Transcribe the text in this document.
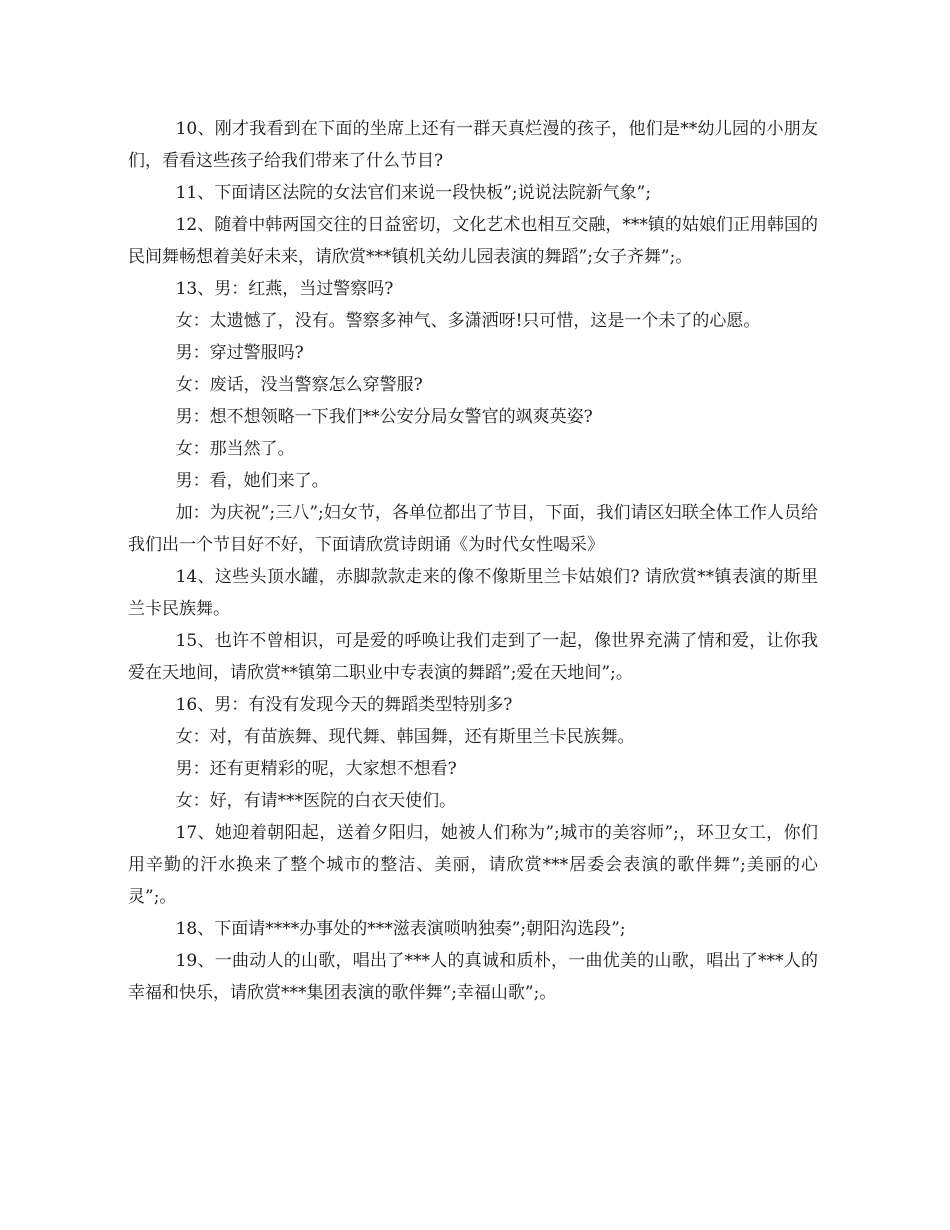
10、刚才我看到在下面的坐席上还有一群天真烂漫的孩子，他们是**幼儿园的小朋友们，看看这些孩子给我们带来了什么节目?

11、下面请区法院的女法官们来说一段快板”;说说法院新气象”;

12、随着中韩两国交往的日益密切，文化艺术也相互交融，***镇的姑娘们正用韩国的民间舞畅想着美好未来，请欣赏***镇机关幼儿园表演的舞蹈”;女子齐舞”;。

13、男：红燕，当过警察吗?

女：太遗憾了，没有。警察多神气、多潇洒呀!只可惜，这是一个未了的心愿。

男：穿过警服吗?

女：废话，没当警察怎么穿警服?

男：想不想领略一下我们**公安分局女警官的飒爽英姿?

女：那当然了。

男：看，她们来了。

加：为庆祝”;三八”;妇女节，各单位都出了节目，下面，我们请区妇联全体工作人员给我们出一个节目好不好，下面请欣赏诗朗诵《为时代女性喝采》

14、这些头顶水罐，赤脚款款走来的像不像斯里兰卡姑娘们? 请欣赏**镇表演的斯里兰卡民族舞。

15、也许不曾相识，可是爱的呼唤让我们走到了一起，像世界充满了情和爱，让你我爱在天地间，请欣赏**镇第二职业中专表演的舞蹈”;爱在天地间”;。

16、男：有没有发现今天的舞蹈类型特别多?

女：对，有苗族舞、现代舞、韩国舞，还有斯里兰卡民族舞。

男：还有更精彩的呢，大家想不想看?

女：好，有请***医院的白衣天使们。

17、她迎着朝阳起，送着夕阳归，她被人们称为”;城市的美容师”;，环卫女工，你们用辛勤的汗水换来了整个城市的整洁、美丽，请欣赏***居委会表演的歌伴舞”;美丽的心灵”;。

18、下面请****办事处的***滋表演唢呐独奏”;朝阳沟选段”;

19、一曲动人的山歌，唱出了***人的真诚和质朴，一曲优美的山歌，唱出了***人的幸福和快乐，请欣赏***集团表演的歌伴舞”;幸福山歌”;。
